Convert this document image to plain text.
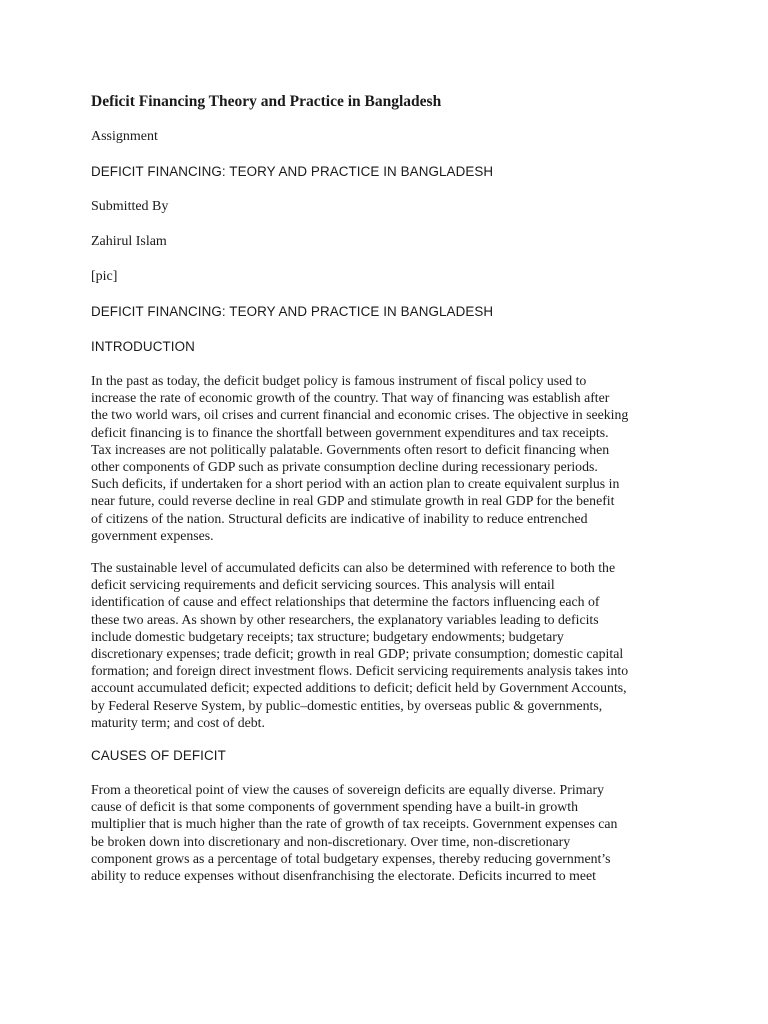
Deficit Financing Theory and Practice in Bangladesh
Assignment
DEFICIT FINANCING: TEORY AND PRACTICE IN BANGLADESH
Submitted By
Zahirul Islam
[pic]
DEFICIT FINANCING: TEORY AND PRACTICE IN BANGLADESH
INTRODUCTION
In the past as today, the deficit budget policy is famous instrument of fiscal policy used to
increase the rate of economic growth of the country. That way of financing was establish after
the two world wars, oil crises and current financial and economic crises. The objective in seeking
deficit financing is to finance the shortfall between government expenditures and tax receipts.
Tax increases are not politically palatable. Governments often resort to deficit financing when
other components of GDP such as private consumption decline during recessionary periods.
Such deficits, if undertaken for a short period with an action plan to create equivalent surplus in
near future, could reverse decline in real GDP and stimulate growth in real GDP for the benefit
of citizens of the nation. Structural deficits are indicative of inability to reduce entrenched
government expenses.
The sustainable level of accumulated deficits can also be determined with reference to both the
deficit servicing requirements and deficit servicing sources. This analysis will entail
identification of cause and effect relationships that determine the factors influencing each of
these two areas. As shown by other researchers, the explanatory variables leading to deficits
include domestic budgetary receipts; tax structure; budgetary endowments; budgetary
discretionary expenses; trade deficit; growth in real GDP; private consumption; domestic capital
formation; and foreign direct investment flows. Deficit servicing requirements analysis takes into
account accumulated deficit; expected additions to deficit; deficit held by Government Accounts,
by Federal Reserve System, by public–domestic entities, by overseas public & governments,
maturity term; and cost of debt.
CAUSES OF DEFICIT
From a theoretical point of view the causes of sovereign deficits are equally diverse. Primary
cause of deficit is that some components of government spending have a built-in growth
multiplier that is much higher than the rate of growth of tax receipts. Government expenses can
be broken down into discretionary and non-discretionary. Over time, non-discretionary
component grows as a percentage of total budgetary expenses, thereby reducing government’s
ability to reduce expenses without disenfranchising the electorate. Deficits incurred to meet
